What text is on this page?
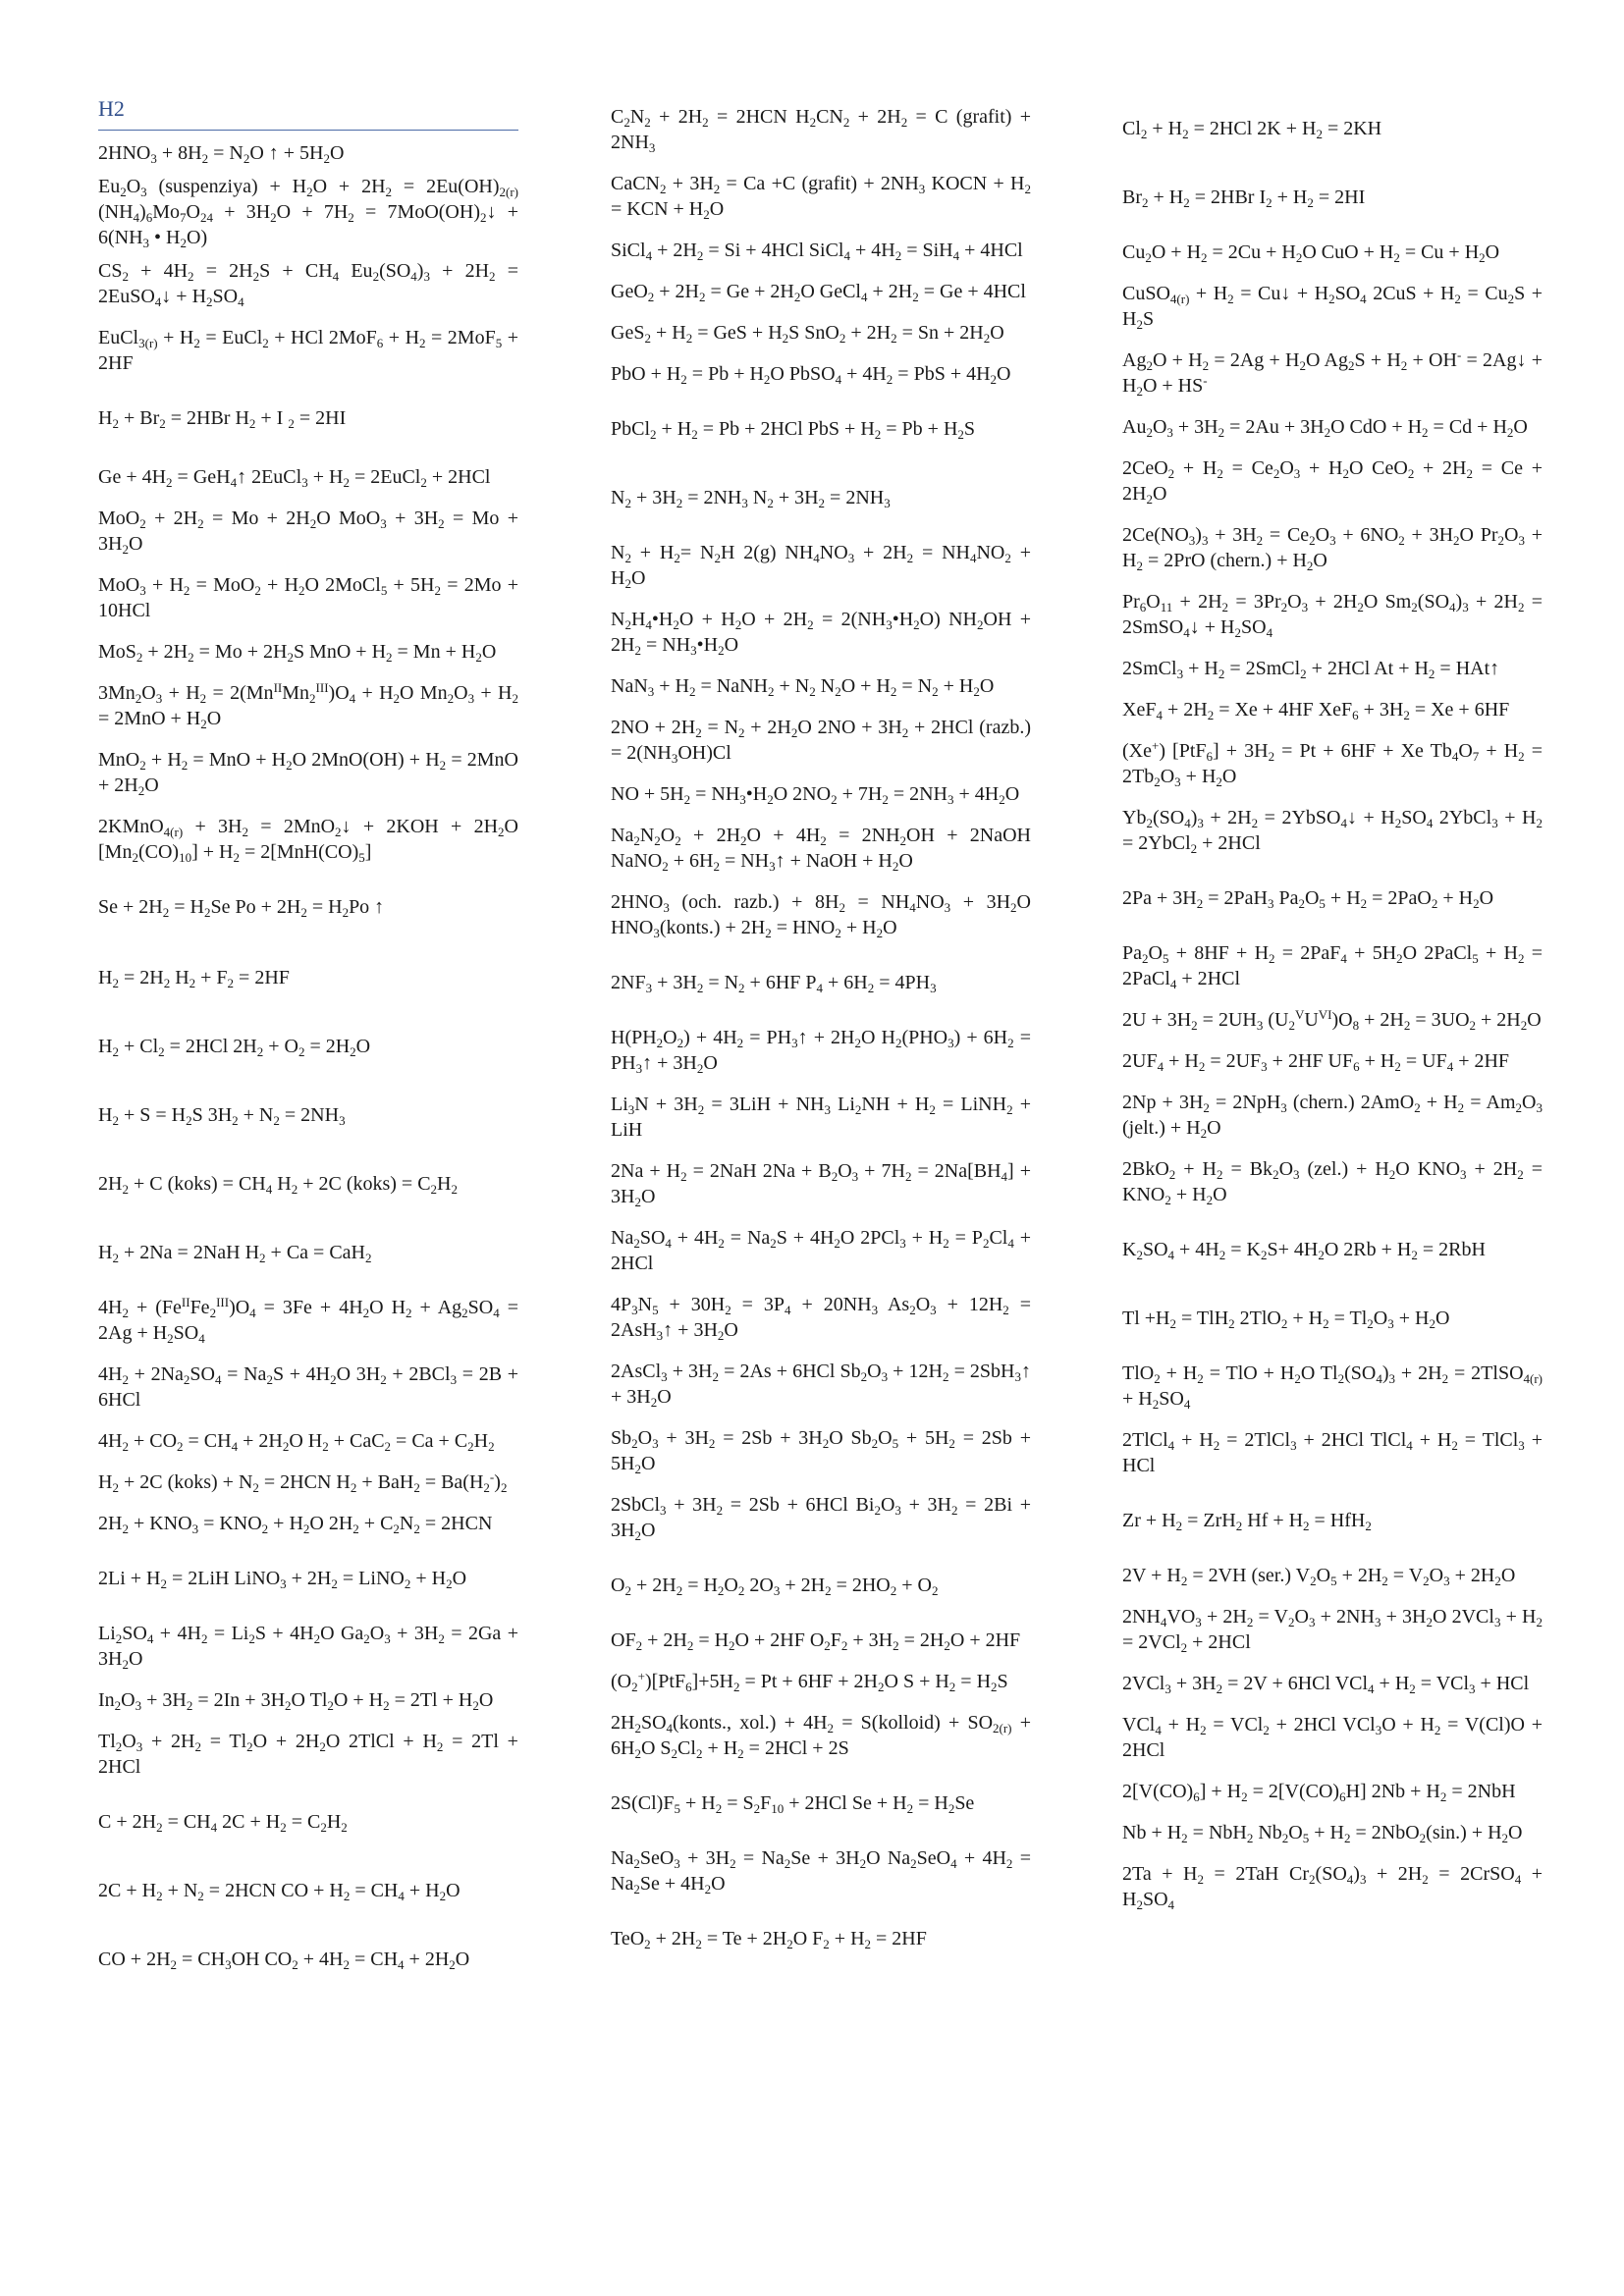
H2

$2HNO_3 + 8H_2 = N_2O$ ↑ + $5H_2O$

$Eu_2O_3$ (suspenziya) + $H_2O + 2H_2 = 2Eu(OH)_{2(r)}$ $(NH_4)_6Mo_7O_{24} + 3H_2O + 7H_2$ = $7MoO(OH)_2↓ + 6(NH_3$ • $H_2O$)

$CS_2 + 4H_2 = 2H_2S + CH_4$ $Eu_2(SO_4)_3 + 2H_2$ = 2EuSO$_4$↓ + $H_2SO_4$

EuCl$_{3(r)}$ + $H_2$ = EuCl$_2$ + HCl $2MoF_6 + H_2 = 2MoF_5 + 2HF$

$H_2 + Br_2 = 2HBr$ $H_2 + I$ $_2$ = 2HI

$Ge + 4H_2$ = GeH$_4$↑ 2EuCl$_3$ + $H_2$ = 2EuCl$_2$ + 2HCl

$MoO_2 + 2H_2 = Mo + 2H_2O$ $MoO_3 + 3H_2 = Mo + 3H_2O$

$MoO_3 + H_2 = MoO_2 + H_2O$ 2MoCl$_5$ + $5H_2 = 2Mo + 10HCl$

$MoS_2 + 2H_2 = Mo + 2H_2S$ MnO + $H_2 = Mn + H_2O$

$3Mn_2O_3 + H_2 = 2(Mn^{II}Mn_2^{III})O_4 + H_2O$ $Mn_2O_3 + H_2 = 2MnO + H_2O$

$MnO_2 + H_2$ = MnO + $H_2O$ $2MnO(OH) + H_2 = 2MnO + 2H_2O$

2KMnO$_{4(r)}$ + $3H_2$ = 2MnO$_2$↓ + $2KOH + 2H_2O$ $[Mn_2(CO)_{10}] + H_2 = 2[MnH(CO)_5]$

$Se + 2H_2 = H_2Se$ $Po + 2H_2 = H_2Po$ ↑

$H_2 = 2H_2$ $H_2 + F_2 = 2HF$

$H_2 + Cl_2 = 2HCl$ $2H_2 + O_2 = 2H_2O$

$H_2 + S = H_2S$ $3H_2 + N_2 = 2NH_3$

$2H_2 + C$ (koks) = $CH_4$ $H_2 + 2C$ (koks) = $C_2H_2$

$H_2 + 2Na = 2NaH$ $H_2 + Ca = CaH_2$

$4H_2 + (Fe^{II}Fe_2^{III})O_4 = 3Fe + 4H_2O$ $H_2 + Ag_2SO_4 = 2Ag + H_2SO_4$

$4H_2 + 2Na_2SO_4 = Na_2S + 4H_2O$ $3H_2 + 2BCl_3 = 2B + 6HCl$

$4H_2 + CO_2 = CH_4 + 2H_2O$ $H_2 + CaC_2 = Ca + C_2H_2$

$H_2 + 2C$ (koks) + $N_2 = 2HCN$ $H_2 + BaH_2 = Ba(H_2^-)_2$

$2H_2 + KNO_3 = KNO_2 + H_2O$ $2H_2 + C_2N_2 = 2HCN$

$2Li + H_2 = 2LiH$ LiNO$_3$ + $2H_2$ = LiNO$_2$ + $H_2O$

$Li_2SO_4 + 4H_2 = Li_2S + 4H_2O$ $Ga_2O_3 + 3H_2 = 2Ga + 3H_2O$

$In_2O_3 + 3H_2 = 2In + 3H_2O$ $Tl_2O + H_2 = 2Tl + H_2O$

$Tl_2O_3 + 2H_2 = Tl_2O + 2H_2O$ 2TlCl + $H_2 = 2Tl + 2HCl$

$C + 2H_2 = CH_4$ $2C + H_2 = C_2H_2$

$2C + H_2 + N_2 = 2HCN$ CO + $H_2 = CH_4 + H_2O$

CO + $2H_2 = CH_3OH$ $CO_2 + 4H_2 = CH_4 + 2H_2O$

$C_2N_2 + 2H_2 = 2HCN$ $H_2CN_2 + 2H_2 = C$ (grafit) + $2NH_3$

CaCN$_2$ + $3H_2 = Ca +C$ (grafit) + $2NH_3$ KOCN + $H_2$ = KCN + $H_2O$

SiCl$_4$ + $2H_2 = Si + 4HCl$ SiCl$_4$ + $4H_2 = SiH_4 + 4HCl$

$GeO_2 + 2H_2 = Ge + 2H_2O$ GeCl$_4$ + $2H_2 = Ge + 4HCl$

$GeS_2 + H_2$ = GeS + $H_2S$ $SnO_2 + 2H_2 = Sn + 2H_2O$

PbO + $H_2 = Pb + H_2O$ PbSO$_4$ + $4H_2$ = PbS + $4H_2O$

PbCl$_2$ + $H_2 = Pb + 2HCl$ PbS + $H_2 = Pb + H_2S$

$N_2 + 3H_2 = 2NH_3$ $N_2 + 3H_2 = 2NH_3$

$N_2 + H_2= N_2H$ 2(g) $NH_4NO_3 + 2H_2 = NH_4NO_2 + H_2O$

$N_2H_4•H_2O + H_2O + 2H_2$ = $2(NH_3•H_2O) NH_2OH + 2H_2$ = $NH_3•H_2O$

$NaN_3 + H_2$ = NaNH$_2$ + $N_2$ $N_2O + H_2 = N_2 + H_2O$

$2NO + 2H_2 = N_2 + 2H_2O$ $2NO + 3H_2 + 2HCl$ (razb.) = $2(NH_3OH)Cl$

NO + $5H_2$ = $NH_3•H_2O$ $2NO_2 + 7H_2 = 2NH_3 + 4H_2O$

$Na_2N_2O_2 + 2H_2O + 4H_2 = 2NH_2OH$ + 2NaOH NaNO$_2$ + $6H_2$ = $NH_3↑$ + NaOH + $H_2O$

$2HNO_3$ (och. razb.) + $8H_2 = NH_4NO_3 + 3H_2O$ $HNO_3(konts.) + 2H_2 = HNO_2 + H_2O$

$2NF_3 + 3H_2 = N_2 + 6HF$ $P_4 + 6H_2 = 4PH_3$

$H(PH_2O_2) + 4H_2$ = $PH_3↑ + 2H_2O$ $H_2(PHO_3) + 6H_2$ = $PH_3↑ + 3H_2O$

$Li_3N + 3H_2 = 3LiH + NH_3$ $Li_2NH + H_2$ = LiNH$_2$ + LiH

$2Na + H_2 = 2NaH$ $2Na + B_2O_3 + 7H_2 = 2Na[BH_4] + 3H_2O$

$Na_2SO_4 + 4H_2 = Na_2S + 4H_2O$ $2PCl_3 + H_2 = P_2Cl_4 + 2HCl$

$4P_3N_5 + 30H_2 = 3P_4 + 20NH_3$ $As_2O_3 + 12H_2$ = 2AsH$_3$↑ + $3H_2O$

2AsCl$_3$ + $3H_2 = 2As + 6HCl$ $Sb_2O_3 + 12H_2$ = 2SbH$_3$↑ + $3H_2O$

$Sb_2O_3 + 3H_2 = 2Sb + 3H_2O$ $Sb_2O_5 + 5H_2 = 2Sb + 5H_2O$

2SbCl$_3$ + $3H_2 = 2Sb + 6HCl$ $Bi_2O_3 + 3H_2 = 2Bi + 3H_2O$

$O_2 + 2H_2 = H_2O_2$ $2O_3 + 2H_2 = 2HO_2 + O_2$

$OF_2 + 2H_2 = H_2O + 2HF$ $O_2F_2 + 3H_2 = 2H_2O + 2HF$

$(O_2^+)[PtF_6]+5H_2 = Pt + 6HF + 2H_2O$ $S + H_2 = H_2S$

$2H_2SO_4(konts$., $xol.) + 4H_2$ = S(kolloid) + $SO_{2(r)} + 6H_2O$ $S_2Cl_2 + H_2 = 2HCl + 2S$

$2S(Cl)F_5 + H_2 = S_2F_{10} + 2HCl$ $Se + H_2 = H_2Se$

$Na_2SeO_3 + 3H_2 = Na_2Se + 3H_2O$ $Na_2SeO_4 + 4H_2 = Na_2Se + 4H_2O$

$TeO_2 + 2H_2 = Te + 2H_2O$ $F_2 + H_2 = 2HF$

$Cl_2 + H_2 = 2HCl$ $2K + H_2 = 2KH$

$Br_2 + H_2 = 2HBr$ $I_2 + H_2 = 2HI$

$Cu_2O + H_2 = 2Cu + H_2O$ CuO + $H_2 = Cu + H_2O$

CuSO$_{4(r)}$ + $H_2$ = Cu↓ + $H_2SO_4$ $2CuS + H_2 = Cu_2S + H_2S$

$Ag_2O + H_2 = 2Ag + H_2O$ $Ag_2S + H_2 + OH^-$ = 2Ag↓ + $H_2O + HS^-$

$Au_2O_3 + 3H_2 = 2Au + 3H_2O$ CdO + $H_2 = Cd + H_2O$

$2CeO_2 + H_2 = Ce_2O_3 + H_2O$ $CeO_2 + 2H_2 = Ce + 2H_2O$

$2Ce(NO_3)_3 + 3H_2 = Ce_2O_3 + 6NO_2 + 3H_2O$ $Pr_2O_3 + H_2 = 2PrO$ (chern.) + $H_2O$

$Pr_6O_{11} + 2H_2 = 3Pr_2O_3 + 2H_2O$ $Sm_2(SO_4)_3 + 2H_2$ = 2SmSO$_4$↓ + $H_2SO_4$

2SmCl$_3$ + $H_2$ = 2SmCl$_2$ + 2HCl $At + H_2$ = HAt↑

$XeF_4 + 2H_2 = Xe + 4HF$ $XeF_6 + 3H_2 = Xe + 6HF$

(Xe+) $[PtF_6] + 3H_2 = Pt + 6HF + Xe$ $Tb_4O_7 + H_2 = 2Tb_2O_3 + H_2O$

$Yb_2(SO_4)_3 + 2H_2$ = 2YbSO$_4$↓ + $H_2SO_4$ 2YbCl$_3$ + $H_2$ = 2YbCl$_2$ + 2HCl

$2Pa + 3H_2 = 2PaH_3$ $Pa_2O_5 + H_2 = 2PaO_2 + H_2O$

$Pa_2O_5 + 8HF + H_2 = 2PaF_4 + 5H_2O$ 2PaCl$_5$ + $H_2$ = 2PaCl$_4$ + 2HCl

$2U + 3H_2 = 2UH_3$ $(U_2^VU^{VI})O_8 + 2H_2 = 3UO_2 + 2H_2O$

$2UF_4 + H_2 = 2UF_3 + 2HF$ $UF_6 + H_2 = UF_4 + 2HF$

$2Np + 3H_2 = 2NpH_3$ (chern.) $2AmO_2 + H_2 = Am_2O_3$ (jelt.) + $H_2O$

$2BkO_2 + H_2 = Bk_2O_3$ $(zel.) + H_2O$ $KNO_3 + 2H_2 = KNO_2 + H_2O$

$K_2SO_4 + 4H_2 = K_2S+ 4H_2O$ $2Rb + H_2 = 2RbH$

$Tl +H_2 = TlH_2$ $2TlO_2 + H_2 = Tl_2O_3 + H_2O$

$TlO_2 + H_2$ = TlO + $H_2O$ $Tl_2(SO_4)_3 + 2H_2$ = 2TlSO$_{4(r)}$ + $H_2SO_4$

2TlCl$_4$ + $H_2$ = 2TlCl$_3$ + 2HCl TlCl$_4$ + $H_2$ = TlCl$_3$ + HCl

$Zr + H_2 = ZrH_2$ $Hf + H_2 = HfH_2$

$2V + H_2 = 2VH$ (ser.) $V_2O_5 + 2H_2 = V_2O_3 + 2H_2O$

$2NH_4VO_3 + 2H_2 = V_2O_3 + 2NH_3 + 3H_2O$ $2VCl_3 + H_2 = 2VCl_2 + 2HCl$

$2VCl_3 + 3H_2 = 2V + 6HCl$ $VCl_4 + H_2 = VCl_3$ + HCl

$VCl_4 + H_2 = VCl_2 + 2HCl$ $VCl_3O + H_2 = V(Cl)O + 2HCl$

$2[V(CO)_6] + H_2 = 2[V(CO)_6H] 2Nb + H_2 = 2NbH$

$Nb + H_2 = NbH_2$ $Nb_2O_5 + H_2 = 2NbO_2(\sin.) + H_2O$

$2Ta + H_2 = 2TaH$ $Cr_2(SO_4)_3 + 2H_2$ = 2CrSO$_4$ + $H_2SO_4$
